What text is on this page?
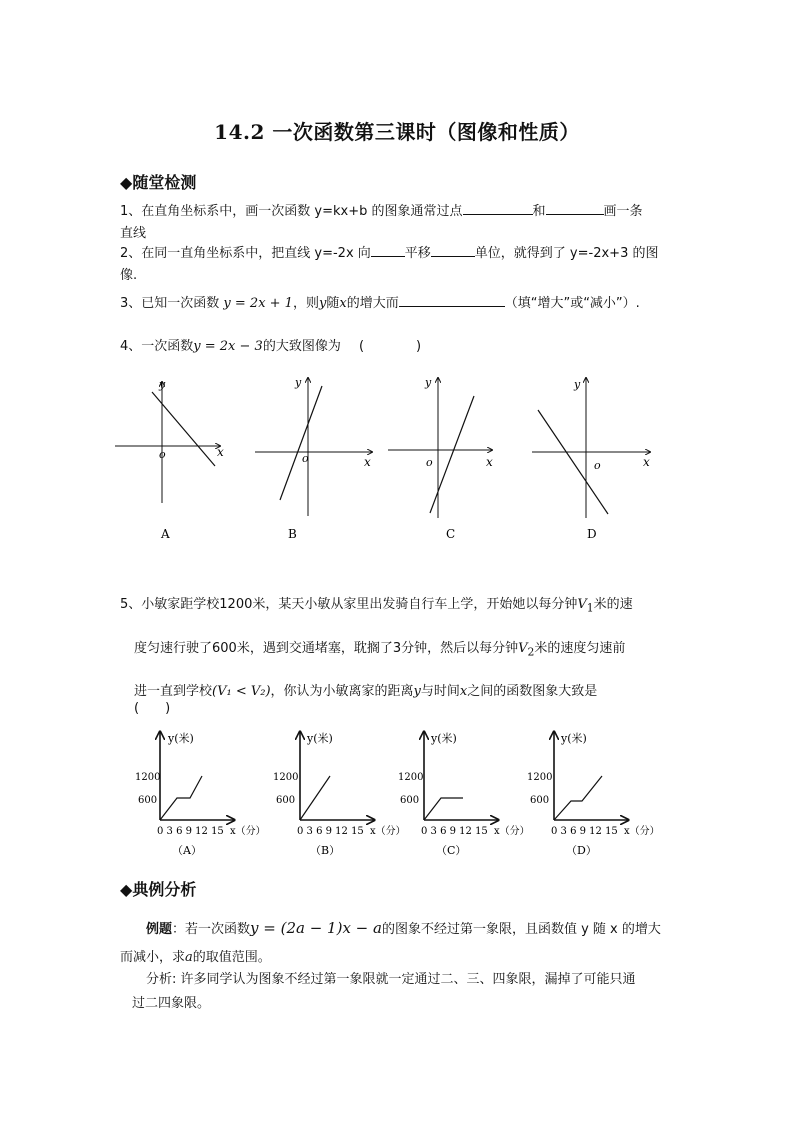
14.2 一次函数第三课时（图像和性质）
◆随堂检测
1、在直角坐标系中，画一次函数 y=kx+b 的图象通常过点	和	画一条
直线
2、在同一直角坐标系中，把直线 y=-2x 向	平移	单位，就得到了 y=-2x+3 的图
像.
3、已知一次函数 y = 2x + 1，则y随x的增大而	（填“增大”或“减小”）.
4、一次函数y = 2x − 3的大致图像为 (　　　　)
y
x
o
A
y
x
o
B
y
x
o
C
y
x
o
D
5、小敏家距学校1200米，某天小敏从家里出发骑自行车上学，开始她以每分钟$V_1$米的速
度匀速行驶了600米，遇到交通堵塞，耽搁了3分钟，然后以每分钟$V_2$米的速度匀速前
进一直到学校(V₁ < V₂)，你认为小敏离家的距离y与时间x之间的函数图象大致是
(　　)
y(米)
1200
600
0 3 6 9 12 15 x（分）
（A）
y(米)
1200
600
0 3 6 9 12 15 x（分）
（B）
y(米)
1200
600
0 3 6 9 12 15 x（分）
（C）
y(米)
1200
600
0 3 6 9 12 15 x（分）
（D）
◆典例分析
例题：若一次函数y = (2a − 1)x − a的图象不经过第一象限，且函数值 y 随 x 的增大
而减小，求a的取值范围。
分析: 许多同学认为图象不经过第一象限就一定通过二、三、四象限，漏掉了可能只通
过二四象限。
